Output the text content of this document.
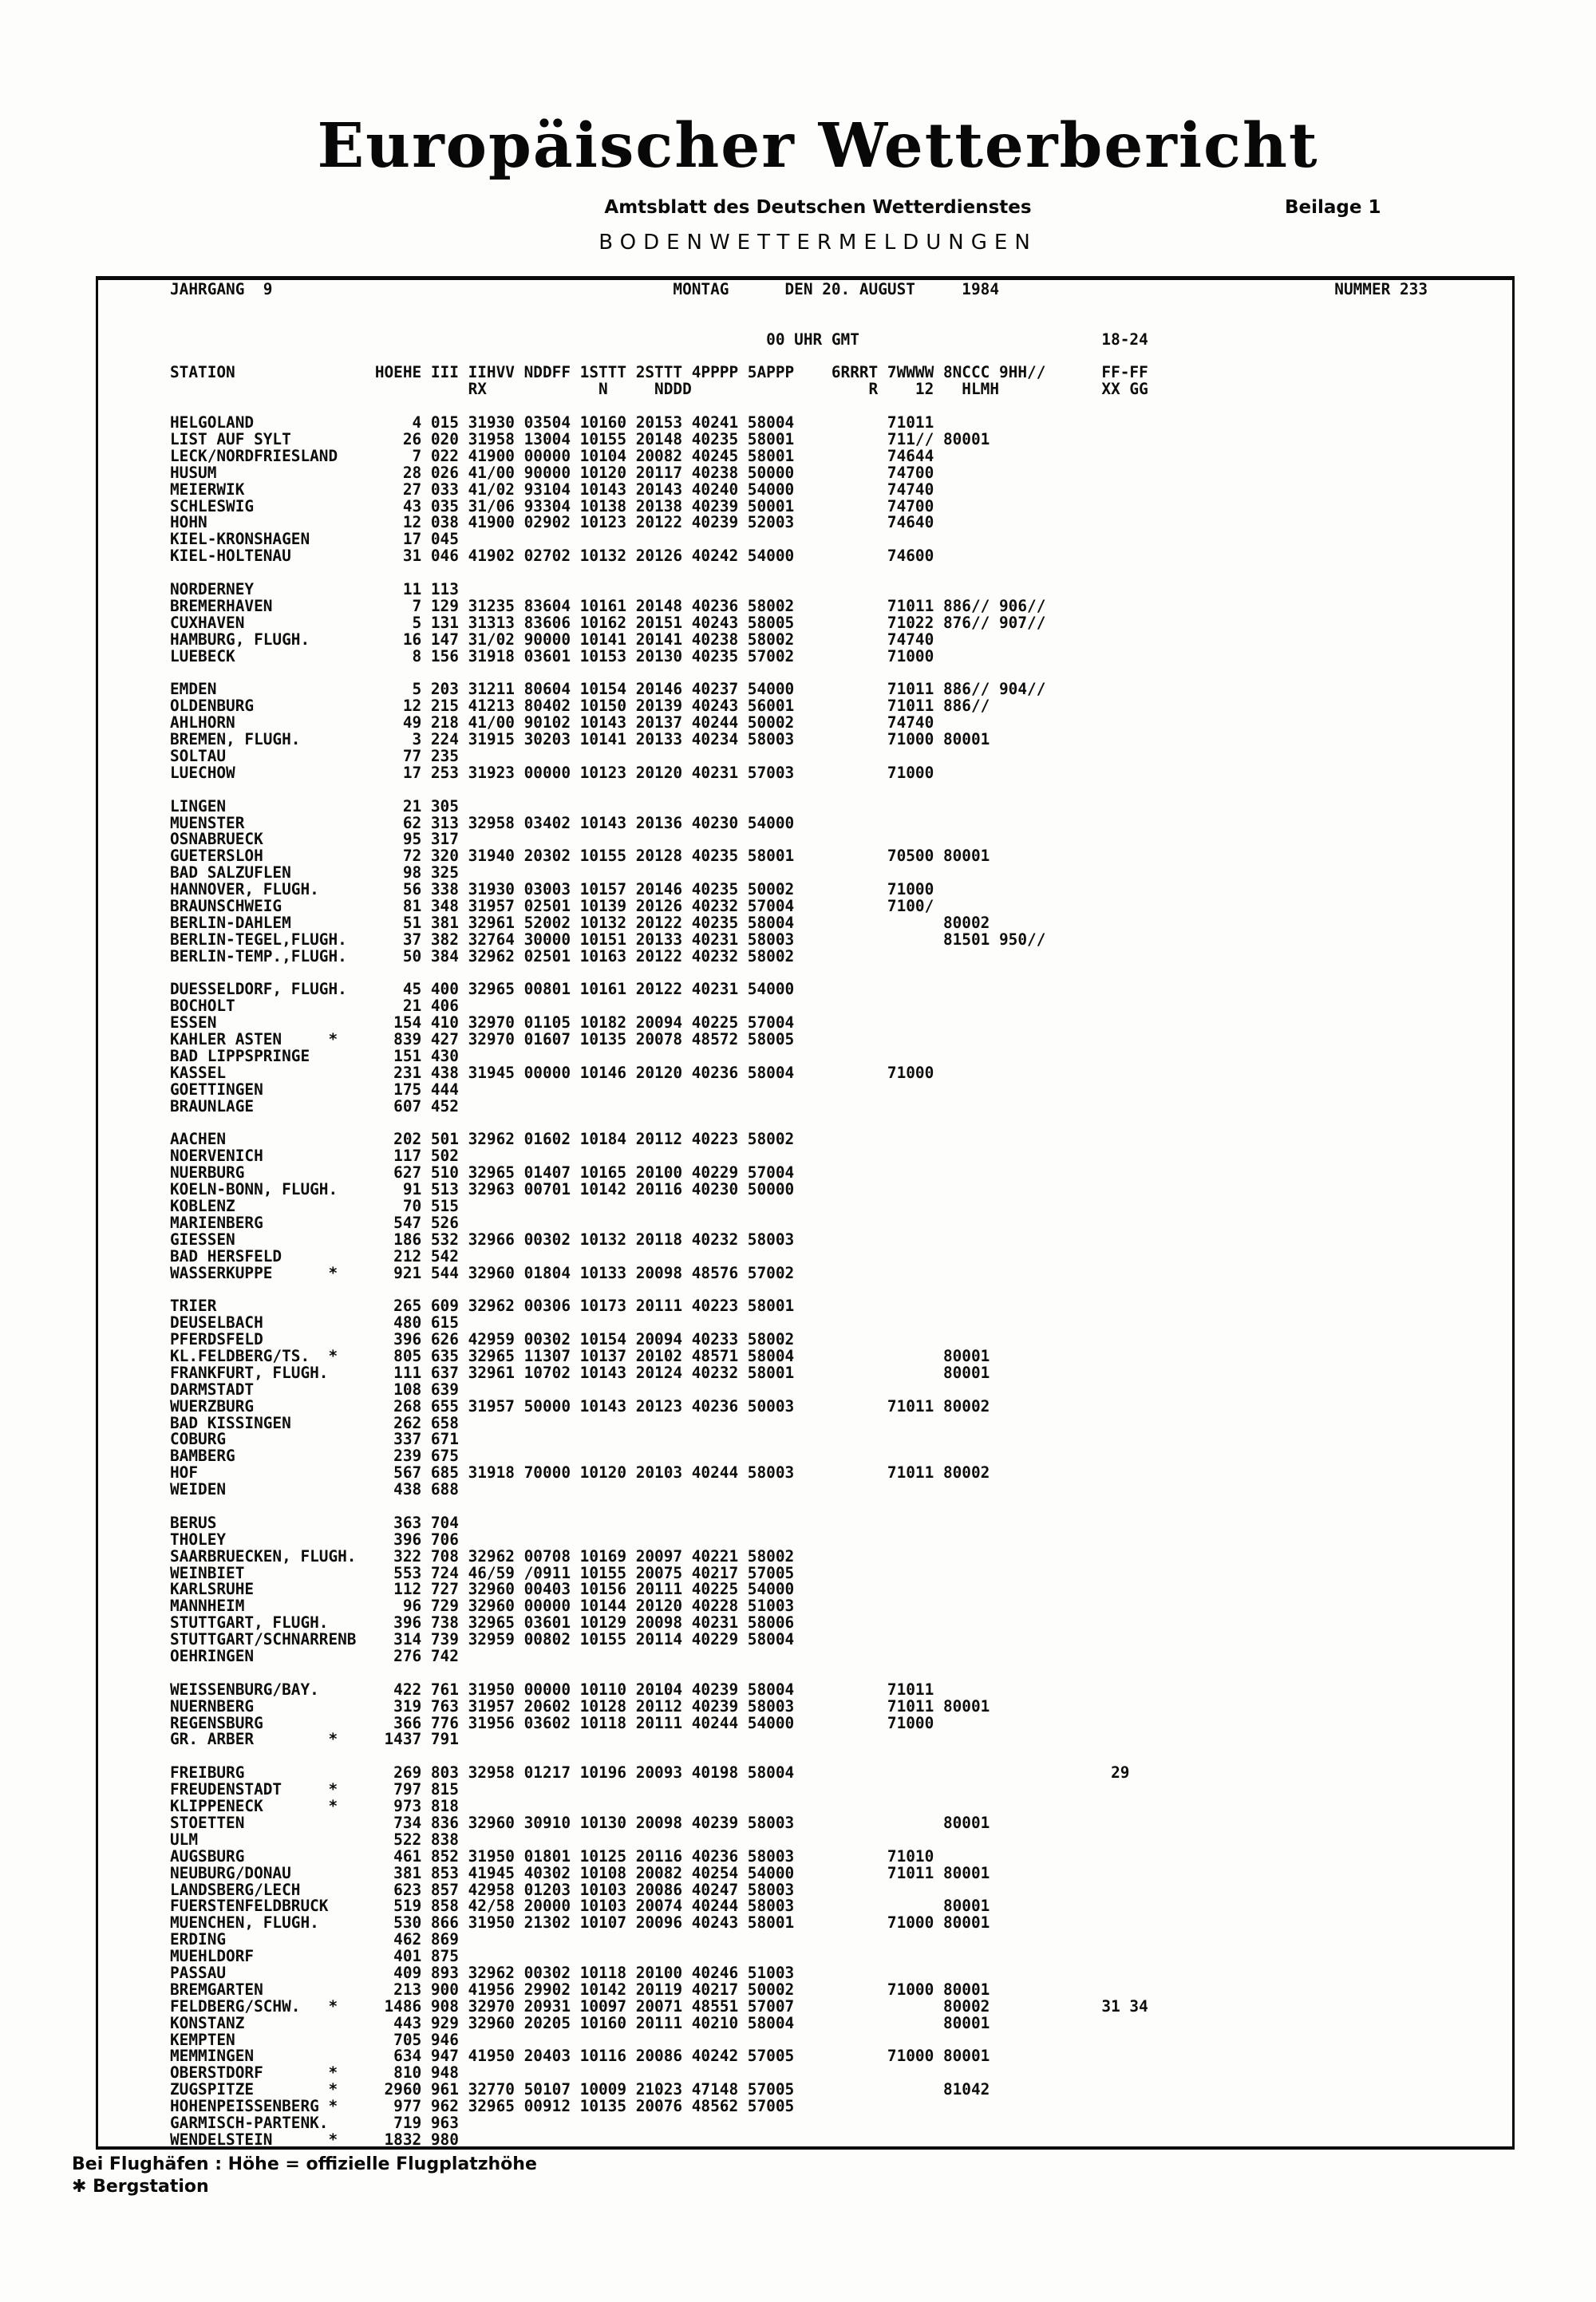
Europäischer Wetterbericht
Amtsblatt des Deutschen Wetterdienstes	Beilage 1
BODENWETTERMELDUNGEN
JAHRGANG  9                                           MONTAG      DEN 20. AUGUST     1984                                    NUMMER 233

00 UHR GMT                          18-24

STATION               HOEHE III IIHVV NDDFF 1STTT 2STTT 4PPPP 5APPP    6RRRT 7WWWW 8NCCC 9HH//      FF-FF
RX            N     NDDD                   R    12   HLMH           XX GG

HELGOLAND                 4 015 31930 03504 10160 20153 40241 58004          71011
LIST AUF SYLT            26 020 31958 13004 10155 20148 40235 58001          711// 80001
LECK/NORDFRIESLAND        7 022 41900 00000 10104 20082 40245 58001          74644
HUSUM                    28 026 41/00 90000 10120 20117 40238 50000          74700
MEIERWIK                 27 033 41/02 93104 10143 20143 40240 54000          74740
SCHLESWIG                43 035 31/06 93304 10138 20138 40239 50001          74700
HOHN                     12 038 41900 02902 10123 20122 40239 52003          74640
KIEL-KRONSHAGEN          17 045
KIEL-HOLTENAU            31 046 41902 02702 10132 20126 40242 54000          74600

NORDERNEY                11 113
BREMERHAVEN               7 129 31235 83604 10161 20148 40236 58002          71011 886// 906//
CUXHAVEN                  5 131 31313 83606 10162 20151 40243 58005          71022 876// 907//
HAMBURG, FLUGH.          16 147 31/02 90000 10141 20141 40238 58002          74740
LUEBECK                   8 156 31918 03601 10153 20130 40235 57002          71000

EMDEN                     5 203 31211 80604 10154 20146 40237 54000          71011 886// 904//
OLDENBURG                12 215 41213 80402 10150 20139 40243 56001          71011 886//
AHLHORN                  49 218 41/00 90102 10143 20137 40244 50002          74740
BREMEN, FLUGH.            3 224 31915 30203 10141 20133 40234 58003          71000 80001
SOLTAU                   77 235
LUECHOW                  17 253 31923 00000 10123 20120 40231 57003          71000

LINGEN                   21 305
MUENSTER                 62 313 32958 03402 10143 20136 40230 54000
OSNABRUECK               95 317
GUETERSLOH               72 320 31940 20302 10155 20128 40235 58001          70500 80001
BAD SALZUFLEN            98 325
HANNOVER, FLUGH.         56 338 31930 03003 10157 20146 40235 50002          71000
BRAUNSCHWEIG             81 348 31957 02501 10139 20126 40232 57004          7100/
BERLIN-DAHLEM            51 381 32961 52002 10132 20122 40235 58004                80002
BERLIN-TEGEL,FLUGH.      37 382 32764 30000 10151 20133 40231 58003                81501 950//
BERLIN-TEMP.,FLUGH.      50 384 32962 02501 10163 20122 40232 58002

DUESSELDORF, FLUGH.      45 400 32965 00801 10161 20122 40231 54000
BOCHOLT                  21 406
ESSEN                   154 410 32970 01105 10182 20094 40225 57004
KAHLER ASTEN     *      839 427 32970 01607 10135 20078 48572 58005
BAD LIPPSPRINGE         151 430
KASSEL                  231 438 31945 00000 10146 20120 40236 58004          71000
GOETTINGEN              175 444
BRAUNLAGE               607 452

AACHEN                  202 501 32962 01602 10184 20112 40223 58002
NOERVENICH              117 502
NUERBURG                627 510 32965 01407 10165 20100 40229 57004
KOELN-BONN, FLUGH.       91 513 32963 00701 10142 20116 40230 50000
KOBLENZ                  70 515
MARIENBERG              547 526
GIESSEN                 186 532 32966 00302 10132 20118 40232 58003
BAD HERSFELD            212 542
WASSERKUPPE      *      921 544 32960 01804 10133 20098 48576 57002

TRIER                   265 609 32962 00306 10173 20111 40223 58001
DEUSELBACH              480 615
PFERDSFELD              396 626 42959 00302 10154 20094 40233 58002
KL.FELDBERG/TS.  *      805 635 32965 11307 10137 20102 48571 58004                80001
FRANKFURT, FLUGH.       111 637 32961 10702 10143 20124 40232 58001                80001
DARMSTADT               108 639
WUERZBURG               268 655 31957 50000 10143 20123 40236 50003          71011 80002
BAD KISSINGEN           262 658
COBURG                  337 671
BAMBERG                 239 675
HOF                     567 685 31918 70000 10120 20103 40244 58003          71011 80002
WEIDEN                  438 688

BERUS                   363 704
THOLEY                  396 706
SAARBRUECKEN, FLUGH.    322 708 32962 00708 10169 20097 40221 58002
WEINBIET                553 724 46/59 /0911 10155 20075 40217 57005
KARLSRUHE               112 727 32960 00403 10156 20111 40225 54000
MANNHEIM                 96 729 32960 00000 10144 20120 40228 51003
STUTTGART, FLUGH.       396 738 32965 03601 10129 20098 40231 58006
STUTTGART/SCHNARRENB    314 739 32959 00802 10155 20114 40229 58004
OEHRINGEN               276 742

WEISSENBURG/BAY.        422 761 31950 00000 10110 20104 40239 58004          71011
NUERNBERG               319 763 31957 20602 10128 20112 40239 58003          71011 80001
REGENSBURG              366 776 31956 03602 10118 20111 40244 54000          71000
GR. ARBER        *     1437 791

FREIBURG                269 803 32958 01217 10196 20093 40198 58004                                  29
FREUDENSTADT     *      797 815
KLIPPENECK       *      973 818
STOETTEN                734 836 32960 30910 10130 20098 40239 58003                80001
ULM                     522 838
AUGSBURG                461 852 31950 01801 10125 20116 40236 58003          71010
NEUBURG/DONAU           381 853 41945 40302 10108 20082 40254 54000          71011 80001
LANDSBERG/LECH          623 857 42958 01203 10103 20086 40247 58003
FUERSTENFELDBRUCK       519 858 42/58 20000 10103 20074 40244 58003                80001
MUENCHEN, FLUGH.        530 866 31950 21302 10107 20096 40243 58001          71000 80001
ERDING                  462 869
MUEHLDORF               401 875
PASSAU                  409 893 32962 00302 10118 20100 40246 51003
BREMGARTEN              213 900 41956 29902 10142 20119 40217 50002          71000 80001
FELDBERG/SCHW.   *     1486 908 32970 20931 10097 20071 48551 57007                80002            31 34
KONSTANZ                443 929 32960 20205 10160 20111 40210 58004                80001
KEMPTEN                 705 946
MEMMINGEN               634 947 41950 20403 10116 20086 40242 57005          71000 80001
OBERSTDORF       *      810 948
ZUGSPITZE        *     2960 961 32770 50107 10009 21023 47148 57005                81042
HOHENPEISSENBERG *      977 962 32965 00912 10135 20076 48562 57005
GARMISCH-PARTENK.       719 963
WENDELSTEIN      *     1832 980
Bei Flughäfen : Höhe = offizielle Flugplatzhöhe
✱ Bergstation
